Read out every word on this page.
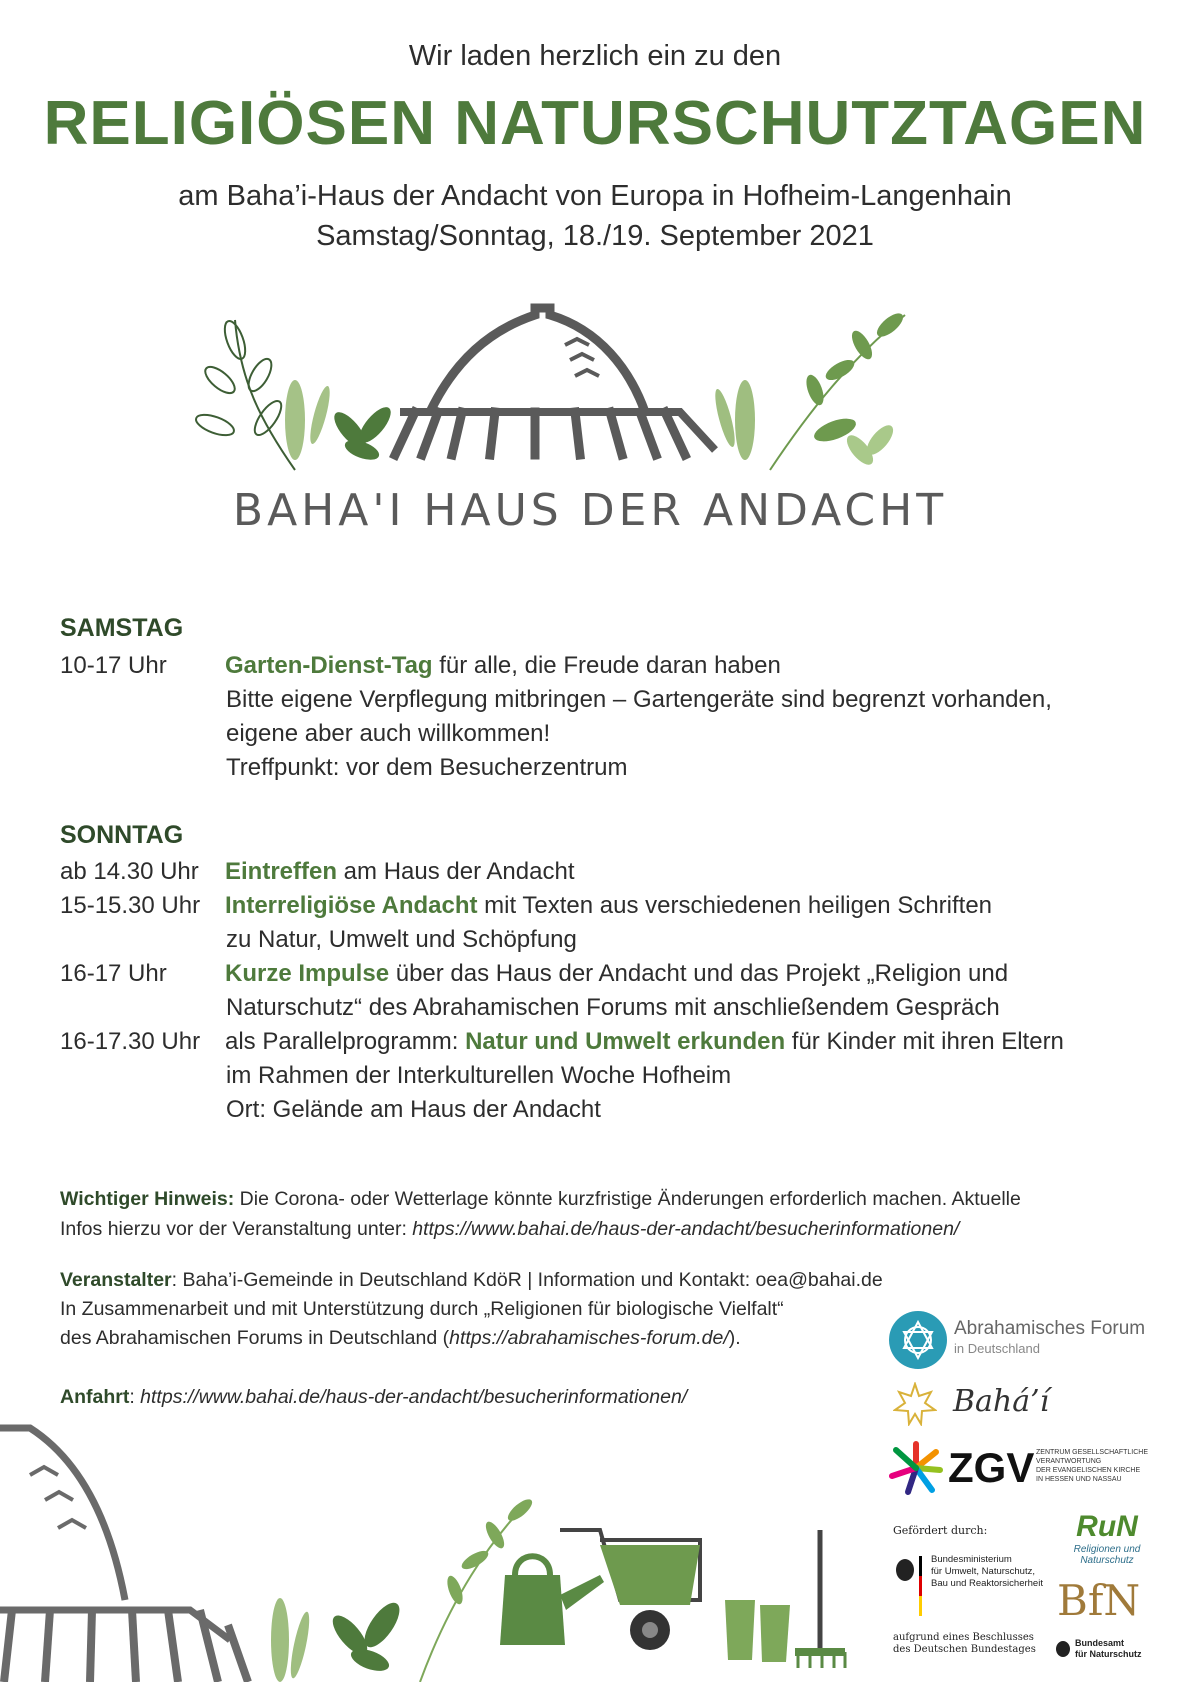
Wir laden herzlich ein zu den
RELIGIÖSEN NATURSCHUTZTAGEN
am Baha’i-Haus der Andacht von Europa in Hofheim-Langenhain
Samstag/Sonntag, 18./19. September 2021
BAHA'I HAUS DER ANDACHT
SAMSTAG
10-17 Uhr Garten-Dienst-Tag für alle, die Freude daran haben
Bitte eigene Verpflegung mitbringen – Gartengeräte sind begrenzt vorhanden,
eigene aber auch willkommen!
Treffpunkt: vor dem Besucherzentrum
SONNTAG
ab 14.30 Uhr Eintreffen am Haus der Andacht
15-15.30 Uhr Interreligiöse Andacht mit Texten aus verschiedenen heiligen Schriften
zu Natur, Umwelt und Schöpfung
16-17 Uhr Kurze Impulse über das Haus der Andacht und das Projekt „Religion und
Naturschutz“ des Abrahamischen Forums mit anschließendem Gespräch
16-17.30 Uhr als Parallelprogramm: Natur und Umwelt erkunden für Kinder mit ihren Eltern
im Rahmen der Interkulturellen Woche Hofheim
Ort: Gelände am Haus der Andacht
Wichtiger Hinweis: Die Corona- oder Wetterlage könnte kurzfristige Änderungen erforderlich machen. Aktuelle
Infos hierzu vor der Veranstaltung unter: https://www.bahai.de/haus-der-andacht/besucherinformationen/
Veranstalter: Baha’i-Gemeinde in Deutschland KdöR | Information und Kontakt: oea@bahai.de
In Zusammenarbeit und mit Unterstützung durch „Religionen für biologische Vielfalt“
des Abrahamischen Forums in Deutschland (https://abrahamisches-forum.de/).
Anfahrt: https://www.bahai.de/haus-der-andacht/besucherinformationen/
Abrahamisches Forum
in Deutschland
Bahá’í
ZGV ZENTRUM GESELLSCHAFTLICHE
VERANTWORTUNG
DER EVANGELISCHEN KIRCHE
IN HESSEN UND NASSAU
Gefördert durch:
Bundesministerium
für Umwelt, Naturschutz,
Bau und Reaktorsicherheit
aufgrund eines Beschlusses
des Deutschen Bundestages
RuN
Religionen und
Naturschutz
BfN
Bundesamt
für Naturschutz
